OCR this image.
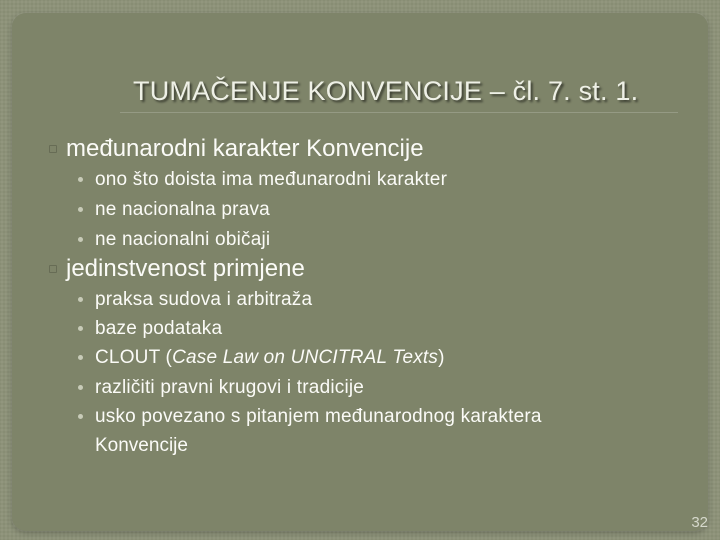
TUMAČENJE KONVENCIJE – čl. 7. st. 1.
međunarodni karakter Konvencije
ono što doista ima međunarodni karakter
ne nacionalna prava
ne nacionalni običaji
jedinstvenost primjene
praksa sudova i arbitraža
baze podataka
CLOUT (Case Law on UNCITRAL Texts)
različiti pravni krugovi i tradicije
usko povezano s pitanjem međunarodnog karaktera
Konvencije
32
